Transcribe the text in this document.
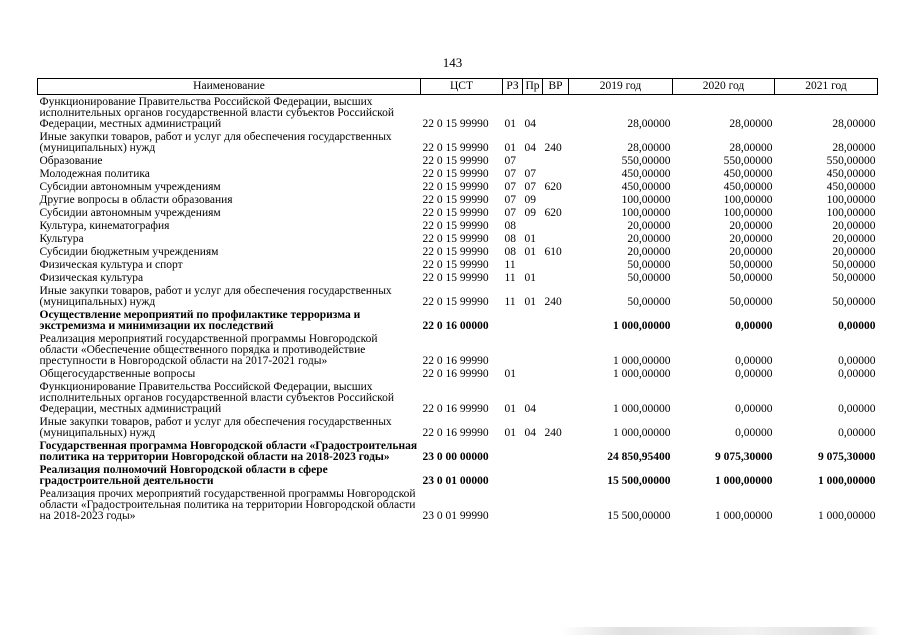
143
Наименование	ЦСТ	РЗ	Пр	ВР	2019 год	2020 год	2021 год
Функционирование Правительства Российской Федерации, высших исполнительных органов государственной власти субъектов Российской Федерации, местных администраций	22 0 15 99990	01	04		28,00000	28,00000	28,00000
Иные закупки товаров, работ и услуг для обеспечения государственных (муниципальных) нужд	22 0 15 99990	01	04	240	28,00000	28,00000	28,00000
Образование	22 0 15 99990	07			550,00000	550,00000	550,00000
Молодежная политика	22 0 15 99990	07	07		450,00000	450,00000	450,00000
Субсидии автономным учреждениям	22 0 15 99990	07	07	620	450,00000	450,00000	450,00000
Другие вопросы в области образования	22 0 15 99990	07	09		100,00000	100,00000	100,00000
Субсидии автономным учреждениям	22 0 15 99990	07	09	620	100,00000	100,00000	100,00000
Культура, кинематография	22 0 15 99990	08			20,00000	20,00000	20,00000
Культура	22 0 15 99990	08	01		20,00000	20,00000	20,00000
Субсидии бюджетным учреждениям	22 0 15 99990	08	01	610	20,00000	20,00000	20,00000
Физическая культура и спорт	22 0 15 99990	11			50,00000	50,00000	50,00000
Физическая культура	22 0 15 99990	11	01		50,00000	50,00000	50,00000
Иные закупки товаров, работ и услуг для обеспечения государственных (муниципальных) нужд	22 0 15 99990	11	01	240	50,00000	50,00000	50,00000
Осуществление мероприятий по профилактике терроризма и экстремизма и минимизации их последствий	22 0 16 00000				1 000,00000	0,00000	0,00000
Реализация мероприятий государственной программы Новгородской области «Обеспечение общественного порядка и противодействие преступности в Новгородской области на 2017-2021 годы»	22 0 16 99990				1 000,00000	0,00000	0,00000
Общегосударственные вопросы	22 0 16 99990	01			1 000,00000	0,00000	0,00000
Функционирование Правительства Российской Федерации, высших исполнительных органов государственной власти субъектов Российской Федерации, местных администраций	22 0 16 99990	01	04		1 000,00000	0,00000	0,00000
Иные закупки товаров, работ и услуг для обеспечения государственных (муниципальных) нужд	22 0 16 99990	01	04	240	1 000,00000	0,00000	0,00000
Государственная программа Новгородской области «Градостроительная политика на территории Новгородской области на 2018-2023 годы»	23 0 00 00000				24 850,95400	9 075,30000	9 075,30000
Реализация полномочий Новгородской области в сфере градостроительной деятельности	23 0 01 00000				15 500,00000	1 000,00000	1 000,00000
Реализация прочих мероприятий государственной программы Новгородской области «Градостроительная политика на территории Новгородской области на 2018-2023 годы»	23 0 01 99990				15 500,00000	1 000,00000	1 000,00000
